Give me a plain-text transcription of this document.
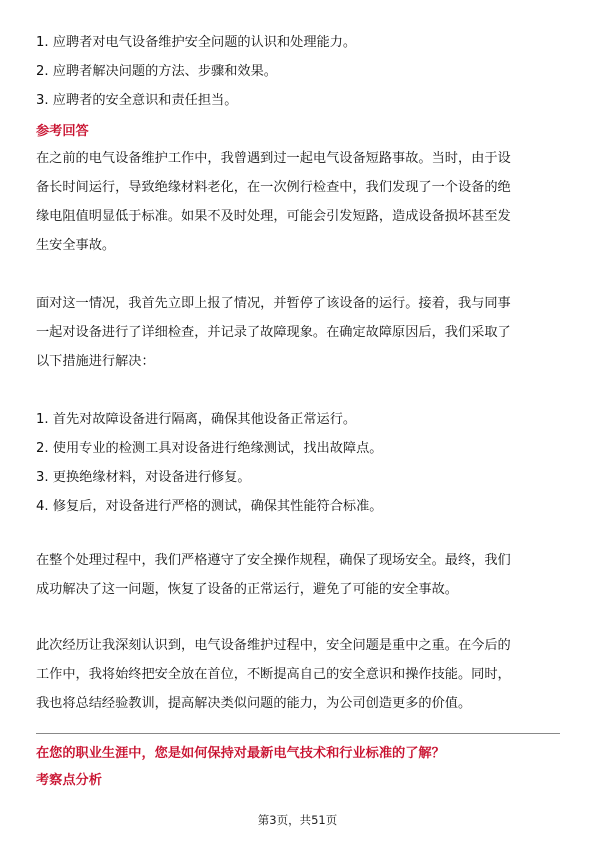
1. 应聘者对电气设备维护安全问题的认识和处理能力。
2. 应聘者解决问题的方法、步骤和效果。
3. 应聘者的安全意识和责任担当。
参考回答
在之前的电气设备维护工作中，我曾遇到过一起电气设备短路事故。当时，由于设
备长时间运行，导致绝缘材料老化，在一次例行检查中，我们发现了一个设备的绝
缘电阻值明显低于标准。如果不及时处理，可能会引发短路，造成设备损坏甚至发
生安全事故。
面对这一情况，我首先立即上报了情况，并暂停了该设备的运行。接着，我与同事
一起对设备进行了详细检查，并记录了故障现象。在确定故障原因后，我们采取了
以下措施进行解决：
1. 首先对故障设备进行隔离，确保其他设备正常运行。
2. 使用专业的检测工具对设备进行绝缘测试，找出故障点。
3. 更换绝缘材料，对设备进行修复。
4. 修复后，对设备进行严格的测试，确保其性能符合标准。
在整个处理过程中，我们严格遵守了安全操作规程，确保了现场安全。最终，我们
成功解决了这一问题，恢复了设备的正常运行，避免了可能的安全事故。
此次经历让我深刻认识到，电气设备维护过程中，安全问题是重中之重。在今后的
工作中，我将始终把安全放在首位，不断提高自己的安全意识和操作技能。同时，
我也将总结经验教训，提高解决类似问题的能力，为公司创造更多的价值。
在您的职业生涯中，您是如何保持对最新电气技术和行业标准的了解？
考察点分析
第3页，共51页
